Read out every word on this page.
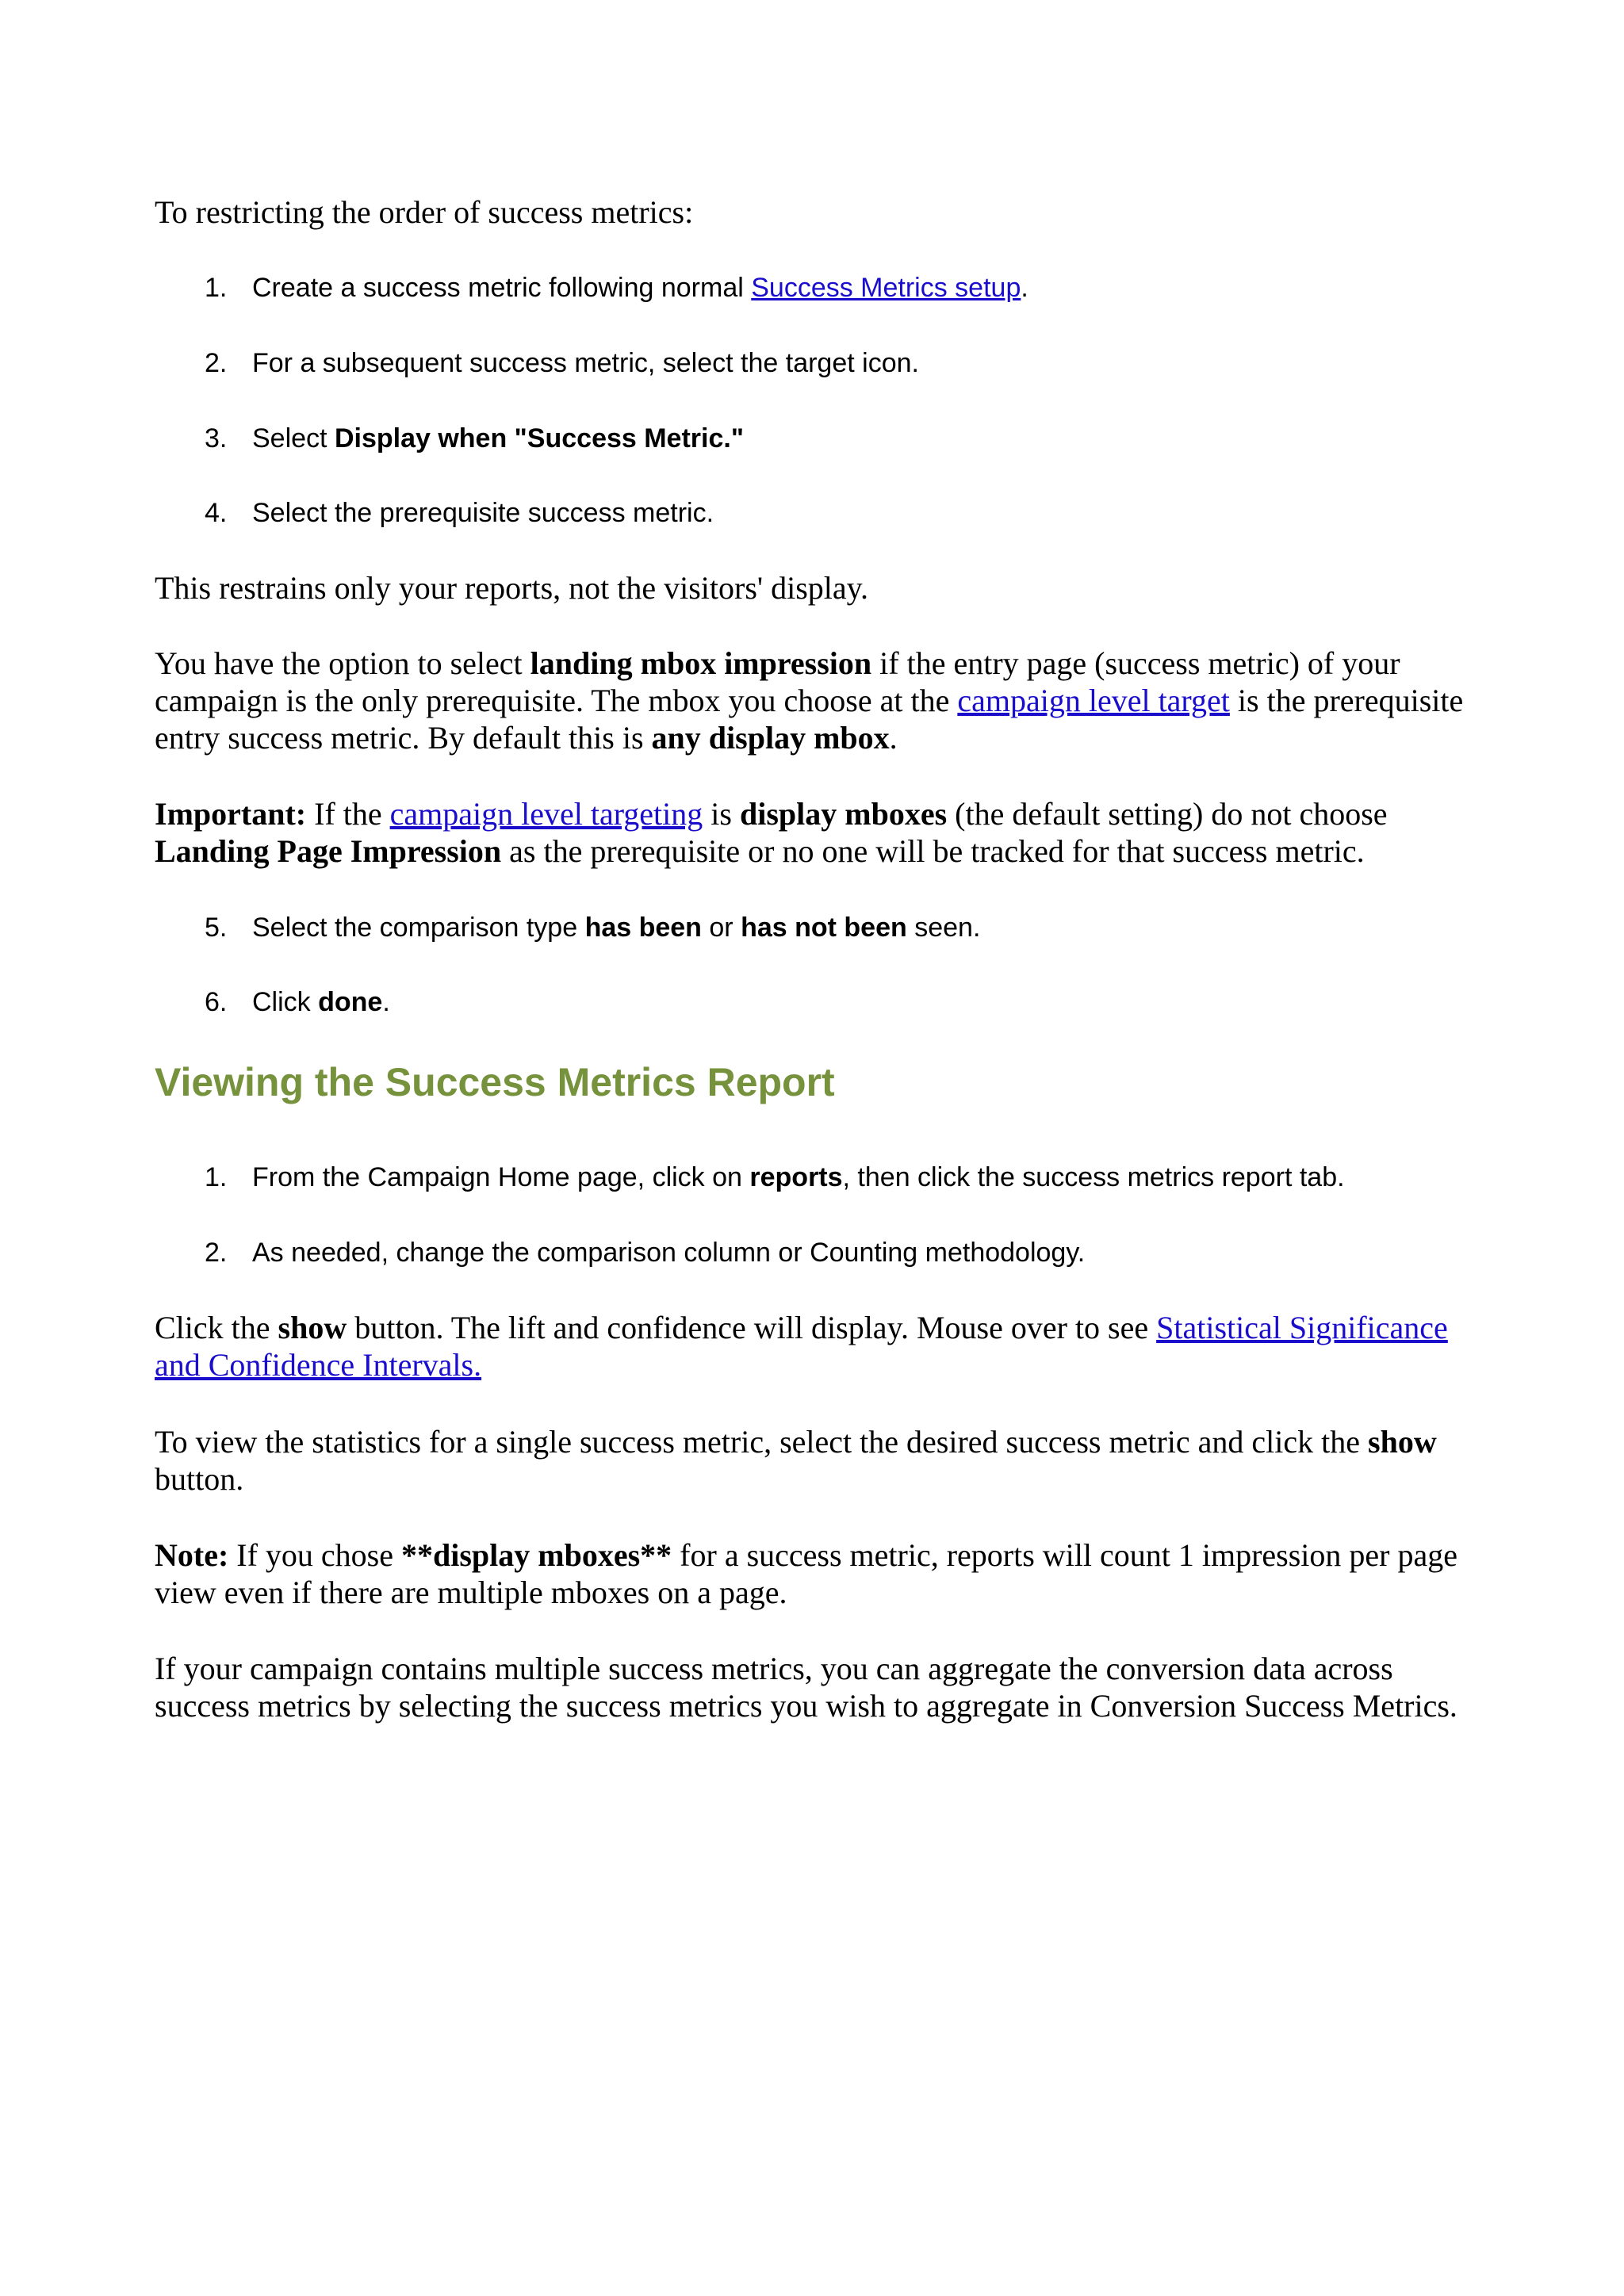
To restricting the order of success metrics:

1. Create a success metric following normal Success Metrics setup.

2. For a subsequent success metric, select the target icon.

3. Select Display when "Success Metric."

4. Select the prerequisite success metric.

This restrains only your reports, not the visitors' display.

You have the option to select landing mbox impression if the entry page (success metric) of your campaign is the only prerequisite. The mbox you choose at the campaign level target is the prerequisite entry success metric. By default this is any display mbox.

Important: If the campaign level targeting is display mboxes (the default setting) do not choose Landing Page Impression as the prerequisite or no one will be tracked for that success metric.

5. Select the comparison type has been or has not been seen.

6. Click done.

Viewing the Success Metrics Report

1. From the Campaign Home page, click on reports, then click the success metrics report tab.

2. As needed, change the comparison column or Counting methodology.

Click the show button. The lift and confidence will display. Mouse over to see Statistical Significance and Confidence Intervals.

To view the statistics for a single success metric, select the desired success metric and click the show button.

Note: If you chose **display mboxes** for a success metric, reports will count 1 impression per page view even if there are multiple mboxes on a page.

If your campaign contains multiple success metrics, you can aggregate the conversion data across success metrics by selecting the success metrics you wish to aggregate in Conversion Success Metrics.
